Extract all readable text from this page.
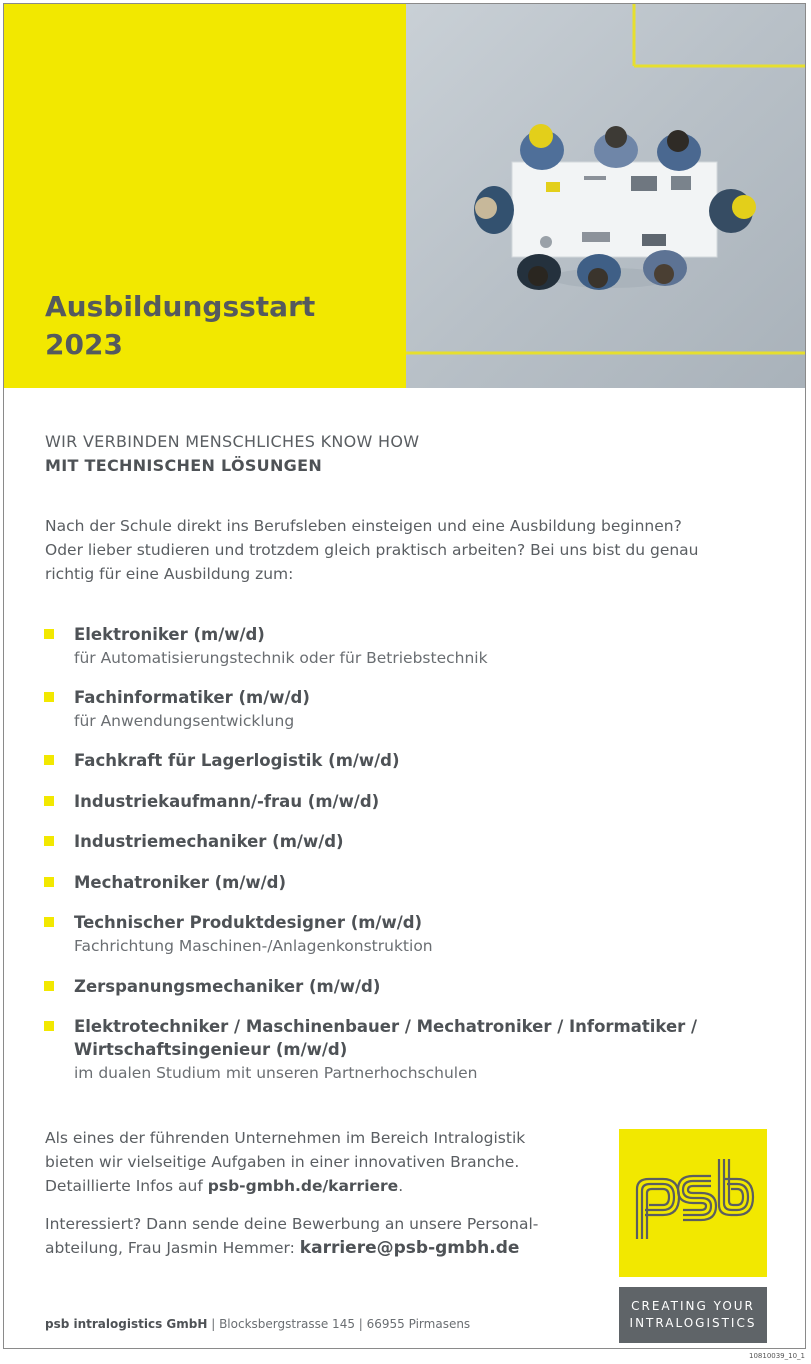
Ausbildungsstart
2023
WIR VERBINDEN MENSCHLICHES KNOW HOW
MIT TECHNISCHEN LÖSUNGEN

Nach der Schule direkt ins Berufsleben einsteigen und eine Ausbildung beginnen?
Oder lieber studieren und trotzdem gleich praktisch arbeiten? Bei uns bist du genau
richtig für eine Ausbildung zum:

Elektroniker (m/w/d)
für Automatisierungstechnik oder für Betriebstechnik
Fachinformatiker (m/w/d)
für Anwendungsentwicklung
Fachkraft für Lagerlogistik (m/w/d)
Industriekaufmann/-frau (m/w/d)
Industriemechaniker (m/w/d)
Mechatroniker (m/w/d)
Technischer Produktdesigner (m/w/d)
Fachrichtung Maschinen-/Anlagenkonstruktion
Zerspanungsmechaniker (m/w/d)
Elektrotechniker / Maschinenbauer / Mechatroniker / Informatiker /
Wirtschaftsingenieur (m/w/d)
im dualen Studium mit unseren Partnerhochschulen

Als eines der führenden Unternehmen im Bereich Intralogistik
bieten wir vielseitige Aufgaben in einer innovativen Branche.
Detaillierte Infos auf psb-gmbh.de/karriere.

Interessiert? Dann sende deine Bewerbung an unsere Personal-
abteilung, Frau Jasmin Hemmer: karriere@psb-gmbh.de

CREATING YOUR
INTRALOGISTICS
psb intralogistics GmbH | Blocksbergstrasse 145 | 66955 Pirmasens
10810039_10_1
